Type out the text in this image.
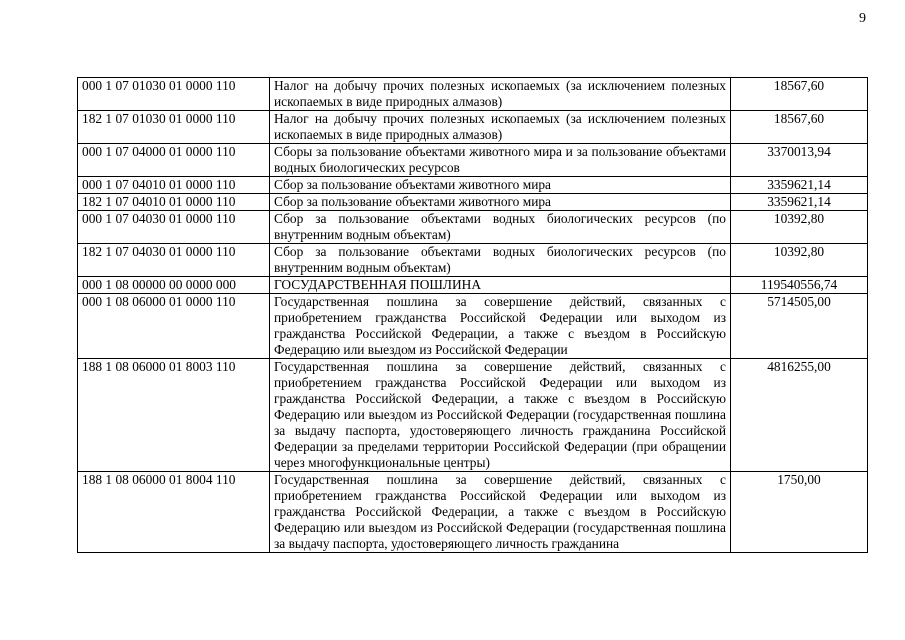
9
000 1 07 01030 01 0000 110	Налог на добычу прочих полезных ископаемых (за исключением полезных ископаемых в виде природных алмазов)	18567,60
182 1 07 01030 01 0000 110	Налог на добычу прочих полезных ископаемых (за исключением полезных ископаемых в виде природных алмазов)	18567,60
000 1 07 04000 01 0000 110	Сборы за пользование объектами животного мира и за пользование объектами водных биологических ресурсов	3370013,94
000 1 07 04010 01 0000 110	Сбор за пользование объектами животного мира	3359621,14
182 1 07 04010 01 0000 110	Сбор за пользование объектами животного мира	3359621,14
000 1 07 04030 01 0000 110	Сбор за пользование объектами водных биологических ресурсов (по внутренним водным объектам)	10392,80
182 1 07 04030 01 0000 110	Сбор за пользование объектами водных биологических ресурсов (по внутренним водным объектам)	10392,80
000 1 08 00000 00 0000 000	ГОСУДАРСТВЕННАЯ ПОШЛИНА	119540556,74
000 1 08 06000 01 0000 110	Государственная пошлина за совершение действий, связанных с приобретением гражданства Российской Федерации или выходом из гражданства Российской Федерации, а также с въездом в Российскую Федерацию или выездом из Российской Федерации	5714505,00
188 1 08 06000 01 8003 110	Государственная пошлина за совершение действий, связанных с приобретением гражданства Российской Федерации или выходом из гражданства Российской Федерации, а также с въездом в Российскую Федерацию или выездом из Российской Федерации (государственная пошлина за выдачу паспорта, удостоверяющего личность гражданина Российской Федерации за пределами территории Российской Федерации (при обращении через многофункциональные центры)	4816255,00
188 1 08 06000 01 8004 110	Государственная пошлина за совершение действий, связанных с приобретением гражданства Российской Федерации или выходом из гражданства Российской Федерации, а также с въездом в Российскую Федерацию или выездом из Российской Федерации (государственная пошлина за выдачу паспорта, удостоверяющего личность гражданина	1750,00
